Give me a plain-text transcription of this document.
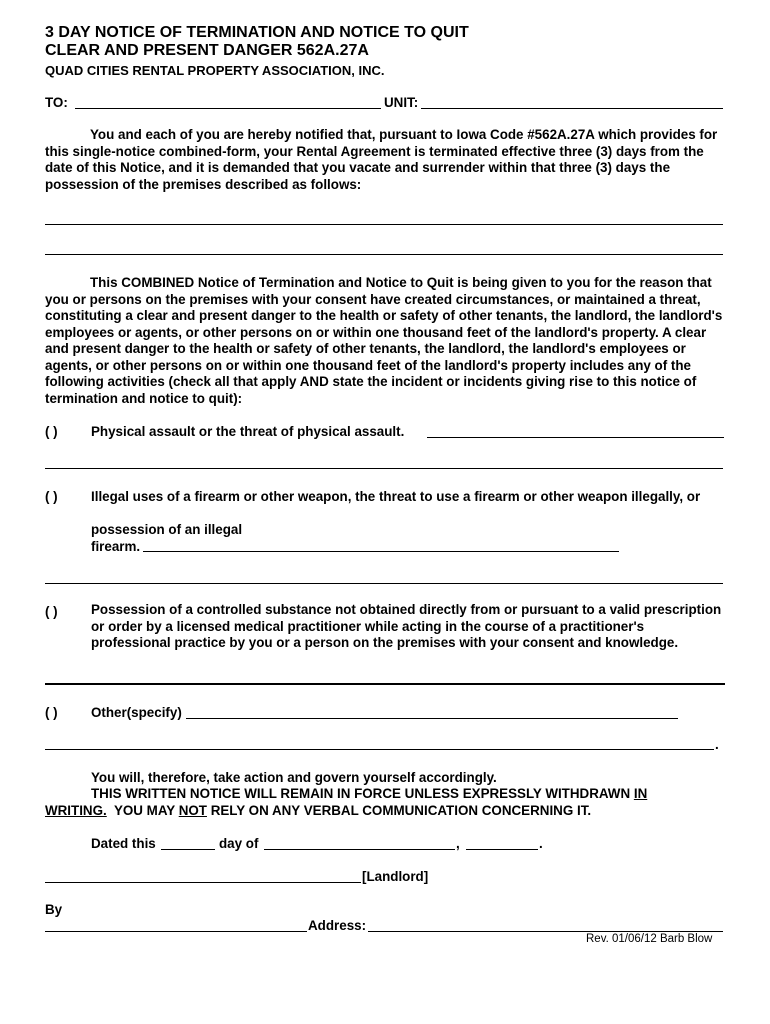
3 DAY NOTICE OF TERMINATION AND NOTICE TO QUIT
CLEAR AND PRESENT DANGER 562A.27A
QUAD CITIES RENTAL PROPERTY ASSOCIATION, INC.
TO:	UNIT:
You and each of you are hereby notified that, pursuant to Iowa Code #562A.27A which provides for this single-notice combined-form, your Rental Agreement is terminated effective three (3) days from the date of this Notice, and it is demanded that you vacate and surrender within that three (3) days the possession of the premises described as follows:
This COMBINED Notice of Termination and Notice to Quit is being given to you for the reason that you or persons on the premises with your consent have created circumstances, or maintained a threat, constituting a clear and present danger to the health or safety of other tenants, the landlord, the landlord's employees or agents, or other persons on or within one thousand feet of the landlord's property. A clear and present danger to the health or safety of other tenants, the landlord, the landlord's employees or agents, or other persons on or within one thousand feet of the landlord's property includes any of the following activities (check all that apply AND state the incident or incidents giving rise to this notice of termination and notice to quit):
( ) Physical assault or the threat of physical assault.
( ) Illegal uses of a firearm or other weapon, the threat to use a firearm or other weapon illegally, or
possession of an illegal
firearm.
( ) Possession of a controlled substance not obtained directly from or pursuant to a valid prescription or order by a licensed medical practitioner while acting in the course of a practitioner's professional practice by you or a person on the premises with your consent and knowledge.
( ) Other(specify)
.
You will, therefore, take action and govern yourself accordingly.
THIS WRITTEN NOTICE WILL REMAIN IN FORCE UNLESS EXPRESSLY WITHDRAWN IN
WRITING.  YOU MAY NOT RELY ON ANY VERBAL COMMUNICATION CONCERNING IT.
Dated this	day of	,	.
[Landlord]
By
Address:
Rev. 01/06/12 Barb Blow
